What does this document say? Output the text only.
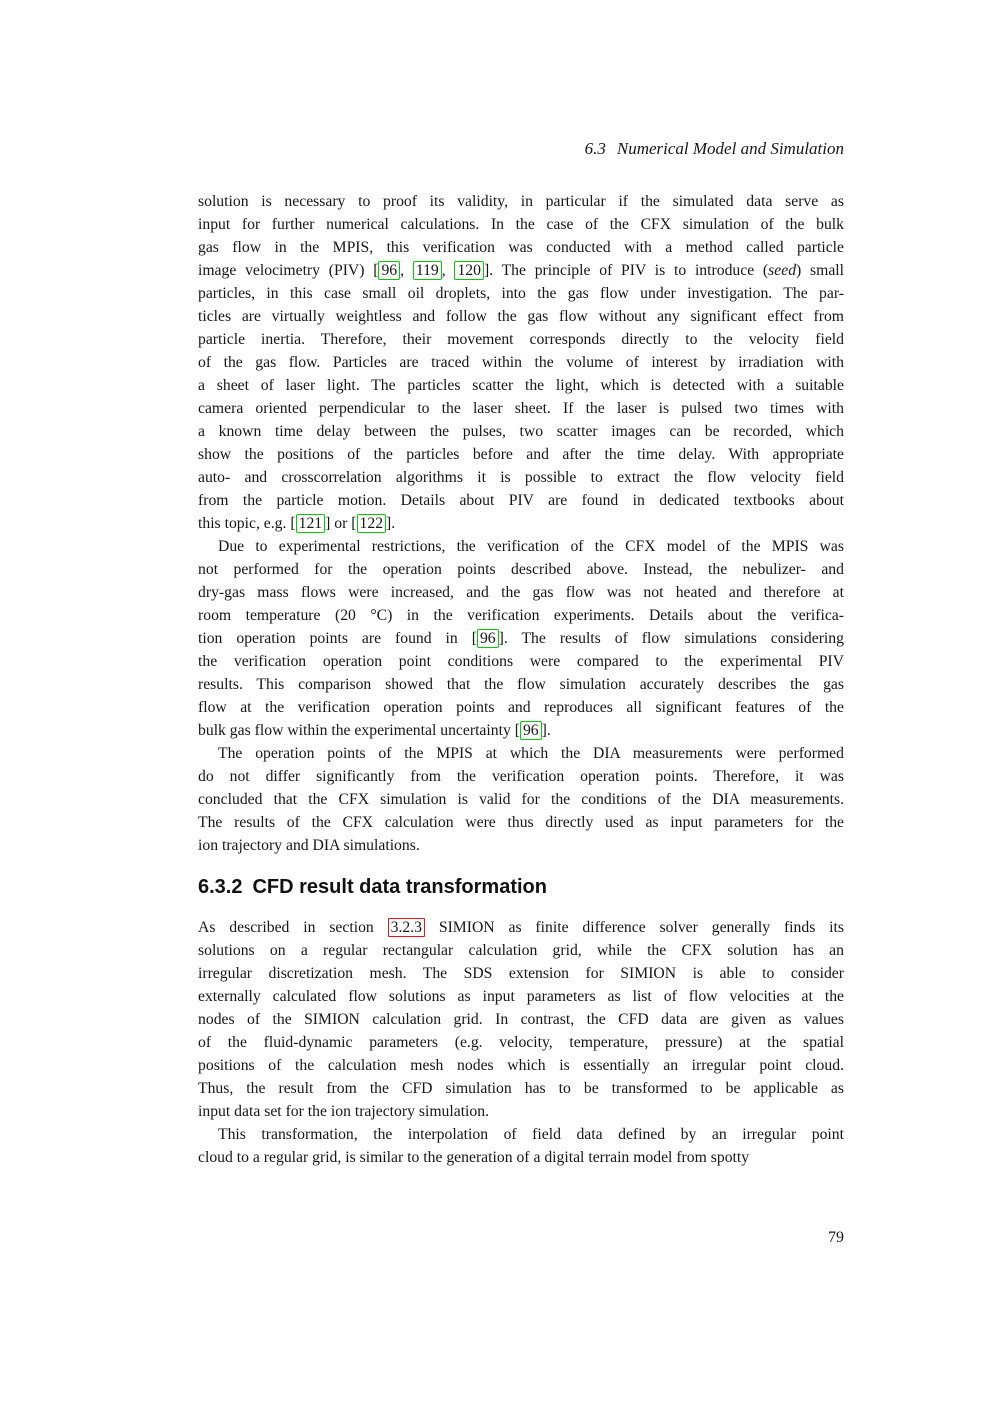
6.3 Numerical Model and Simulation
solution is necessary to proof its validity, in particular if the simulated data serve as
input for further numerical calculations. In the case of the CFX simulation of the bulk
gas flow in the MPIS, this verification was conducted with a method called particle
image velocimetry (PIV) [ 96 , 119 , 120 ]. The principle of PIV is to introduce (seed) small
particles, in this case small oil droplets, into the gas flow under investigation. The par-
ticles are virtually weightless and follow the gas flow without any significant effect from
particle inertia. Therefore, their movement corresponds directly to the velocity field
of the gas flow. Particles are traced within the volume of interest by irradiation with
a sheet of laser light. The particles scatter the light, which is detected with a suitable
camera oriented perpendicular to the laser sheet. If the laser is pulsed two times with
a known time delay between the pulses, two scatter images can be recorded, which
show the positions of the particles before and after the time delay. With appropriate
auto- and crosscorrelation algorithms it is possible to extract the flow velocity field
from the particle motion. Details about PIV are found in dedicated textbooks about
this topic, e.g. [ 121 ] or [ 122 ].
Due to experimental restrictions, the verification of the CFX model of the MPIS was
not performed for the operation points described above. Instead, the nebulizer- and
dry-gas mass flows were increased, and the gas flow was not heated and therefore at
room temperature (20 °C) in the verification experiments. Details about the verifica-
tion operation points are found in [ 96 ]. The results of flow simulations considering
the verification operation point conditions were compared to the experimental PIV
results. This comparison showed that the flow simulation accurately describes the gas
flow at the verification operation points and reproduces all significant features of the
bulk gas flow within the experimental uncertainty [ 96 ].
The operation points of the MPIS at which the DIA measurements were performed
do not differ significantly from the verification operation points. Therefore, it was
concluded that the CFX simulation is valid for the conditions of the DIA measurements.
The results of the CFX calculation were thus directly used as input parameters for the
ion trajectory and DIA simulations.
6.3.2 CFD result data transformation
As described in section 3.2.3 SIMION as finite difference solver generally finds its
solutions on a regular rectangular calculation grid, while the CFX solution has an
irregular discretization mesh. The SDS extension for SIMION is able to consider
externally calculated flow solutions as input parameters as list of flow velocities at the
nodes of the SIMION calculation grid. In contrast, the CFD data are given as values
of the fluid-dynamic parameters (e.g. velocity, temperature, pressure) at the spatial
positions of the calculation mesh nodes which is essentially an irregular point cloud.
Thus, the result from the CFD simulation has to be transformed to be applicable as
input data set for the ion trajectory simulation.
This transformation, the interpolation of field data defined by an irregular point
cloud to a regular grid, is similar to the generation of a digital terrain model from spotty
79
